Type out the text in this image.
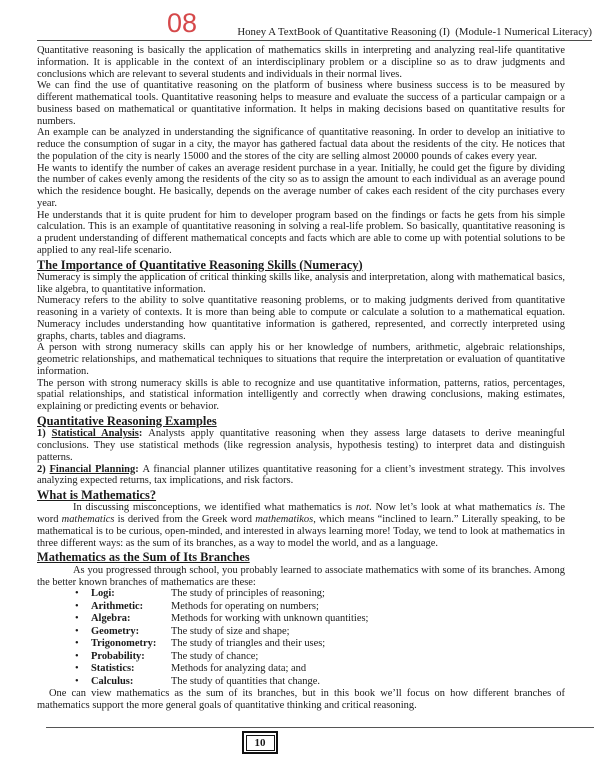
08	Honey A TextBook of Quantitative Reasoning (I)  (Module-1 Numerical Literacy)

Quantitative reasoning is basically the application of mathematics skills in interpreting and analyzing real-life quantitative information. It is applicable in the context of an interdisciplinary problem or a discipline so as to draw judgments and conclusions which are relevant to several students and individuals in their normal lives.

We can find the use of quantitative reasoning on the platform of business where business success is to be measured by different mathematical tools. Quantitative reasoning helps to measure and evaluate the success of a particular campaign or a business based on mathematical or quantitative information. It helps in making decisions based on quantitative results for numbers.

An example can be analyzed in understanding the significance of quantitative reasoning. In order to develop an initiative to reduce the consumption of sugar in a city, the mayor has gathered factual data about the residents of the city. He notices that the population of the city is nearly 15000 and the stores of the city are selling almost 20000 pounds of cakes every year.

He wants to identify the number of cakes an average resident purchase in a year. Initially, he could get the figure by dividing the number of cakes evenly among the residents of the city so as to assign the amount to each individual as an average pound which the residence bought. He basically, depends on the average number of cakes each resident of the city purchases every year.

He understands that it is quite prudent for him to developer program based on the findings or facts he gets from his simple calculation. This is an example of quantitative reasoning in solving a real-life problem. So basically, quantitative reasoning is a prudent understanding of different mathematical concepts and facts which are able to come up with potential solutions to be applied to any real-life scenario.

The Importance of Quantitative Reasoning Skills (Numeracy)

Numeracy is simply the application of critical thinking skills like, analysis and interpretation, along with mathematical basics, like algebra, to quantitative information.

Numeracy refers to the ability to solve quantitative reasoning problems, or to making judgments derived from quantitative reasoning in a variety of contexts. It is more than being able to compute or calculate a solution to a mathematical equation. Numeracy includes understanding how quantitative information is gathered, represented, and correctly interpreted using graphs, charts, tables and diagrams.

A person with strong numeracy skills can apply his or her knowledge of numbers, arithmetic, algebraic relationships, geometric relationships, and mathematical techniques to situations that require the interpretation or evaluation of quantitative information.

The person with strong numeracy skills is able to recognize and use quantitative information, patterns, ratios, percentages, spatial relationships, and statistical information intelligently and correctly when drawing conclusions, making estimates, explaining or predicting events or behavior.

Quantitative Reasoning Examples

1) Statistical Analysis: Analysts apply quantitative reasoning when they assess large datasets to derive meaningful conclusions. They use statistical methods (like regression analysis, hypothesis testing) to interpret data and distinguish patterns.

2) Financial Planning: A financial planner utilizes quantitative reasoning for a client’s investment strategy. This involves analyzing expected returns, tax implications, and risk factors.

What is Mathematics?

In discussing misconceptions, we identified what mathematics is not. Now let’s look at what mathematics is. The word mathematics is derived from the Greek word mathematikos, which means “inclined to learn.” Literally speaking, to be mathematical is to be curious, open-minded, and interested in always learning more! Today, we tend to look at mathematics in three different ways: as the sum of its branches, as a way to model the world, and as a language.

Mathematics as the Sum of Its Branches

As you progressed through school, you probably learned to associate mathematics with some of its branches. Among the better known branches of mathematics are these:

•	Logi:	The study of principles of reasoning;
•	Arithmetic:	Methods for operating on numbers;
•	Algebra:	Methods for working with unknown quantities;
•	Geometry:	The study of size and shape;
•	Trigonometry:	The study of triangles and their uses;
•	Probability:	The study of chance;
•	Statistics:	Methods for analyzing data; and
•	Calculus:	The study of quantities that change.

One can view mathematics as the sum of its branches, but in this book we’ll focus on how different branches of mathematics support the more general goals of quantitative thinking and critical reasoning.

10
